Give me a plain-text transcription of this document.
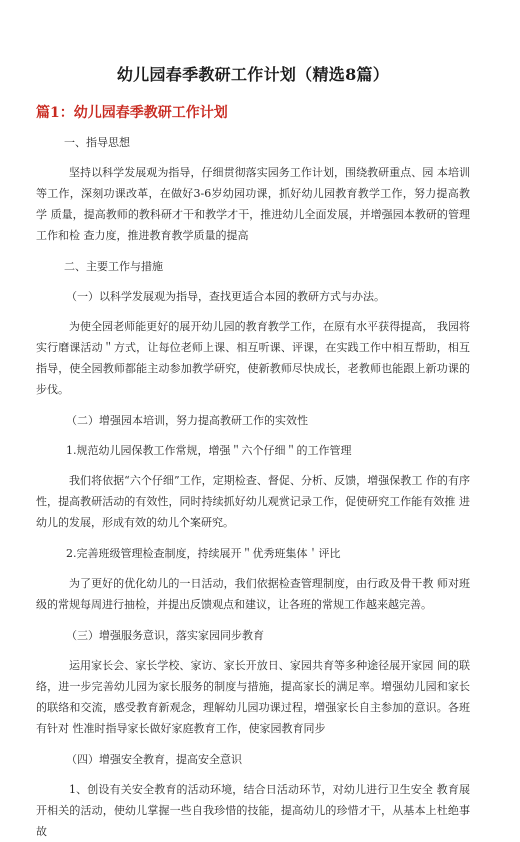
幼儿园春季教研工作计划（精选8篇）
篇1：幼儿园春季教研工作计划
一、指导思想

坚持以科学发展观为指导，仔细贯彻落实园务工作计划，围绕教研重点、园 本培训等工作，深刻功课改革，在做好3-6岁幼园功课，抓好幼儿园教育教学工作，努力提高教学 质量，提高教师的教科研才干和教学才干，推进幼儿全面发展，并增强园本教研的管理工作和检 查力度，推进教育教学质量的提高

二、主要工作与措施
（一）以科学发展观为指导，查找更适合本园的教研方式与办法。

为使全园老师能更好的展开幼儿园的教育教学工作，在原有水平获得提高， 我园将实行磨课活动＂方式，让每位老师上课、相互听课、评课，在实践工作中相互帮助，相互 指导，使全园教师都能主动参加教学研究，使新教师尽快成长，老教师也能跟上新功课的步伐。

（二）增强园本培训，努力提高教研工作的实效性
1.规范幼儿园保教工作常规，增强＂六个仔细＂的工作管理

我们将依据“六个仔细”工作，定期检查、督促、分析、反馈，增强保教工 作的有序性，提高教研活动的有效性，同时持续抓好幼儿观赏记录工作，促使研究工作能有效推 进幼儿的发展，形成有效的幼儿个案研究。

2.完善班级管理检查制度，持续展开＂优秀班集体＇评比

为了更好的优化幼儿的一日活动，我们依据检查管理制度，由行政及骨干教 师对班级的常规每周进行抽检，并提出反馈观点和建议，让各班的常规工作越来越完善。

（三）增强服务意识，落实家园同步教育

运用家长会、家长学校、家访、家长开放日、家园共育等多种途径展开家园 间的联络，进一步完善幼儿园为家长服务的制度与措施，提高家长的满足率。增强幼儿园和家长 的联络和交流，感受教育新观念，理解幼儿园功课过程，增强家长自主参加的意识。各班有针对 性准时指导家长做好家庭教育工作，使家园教育同步

（四）增强安全教育，提高安全意识

1、创设有关安全教育的活动环境，结合日活动环节，对幼儿进行卫生安全 教育展开相关的活动，使幼儿掌握一些自我珍惜的技能，提高幼儿的珍惜才干，从基本上杜绝事故
